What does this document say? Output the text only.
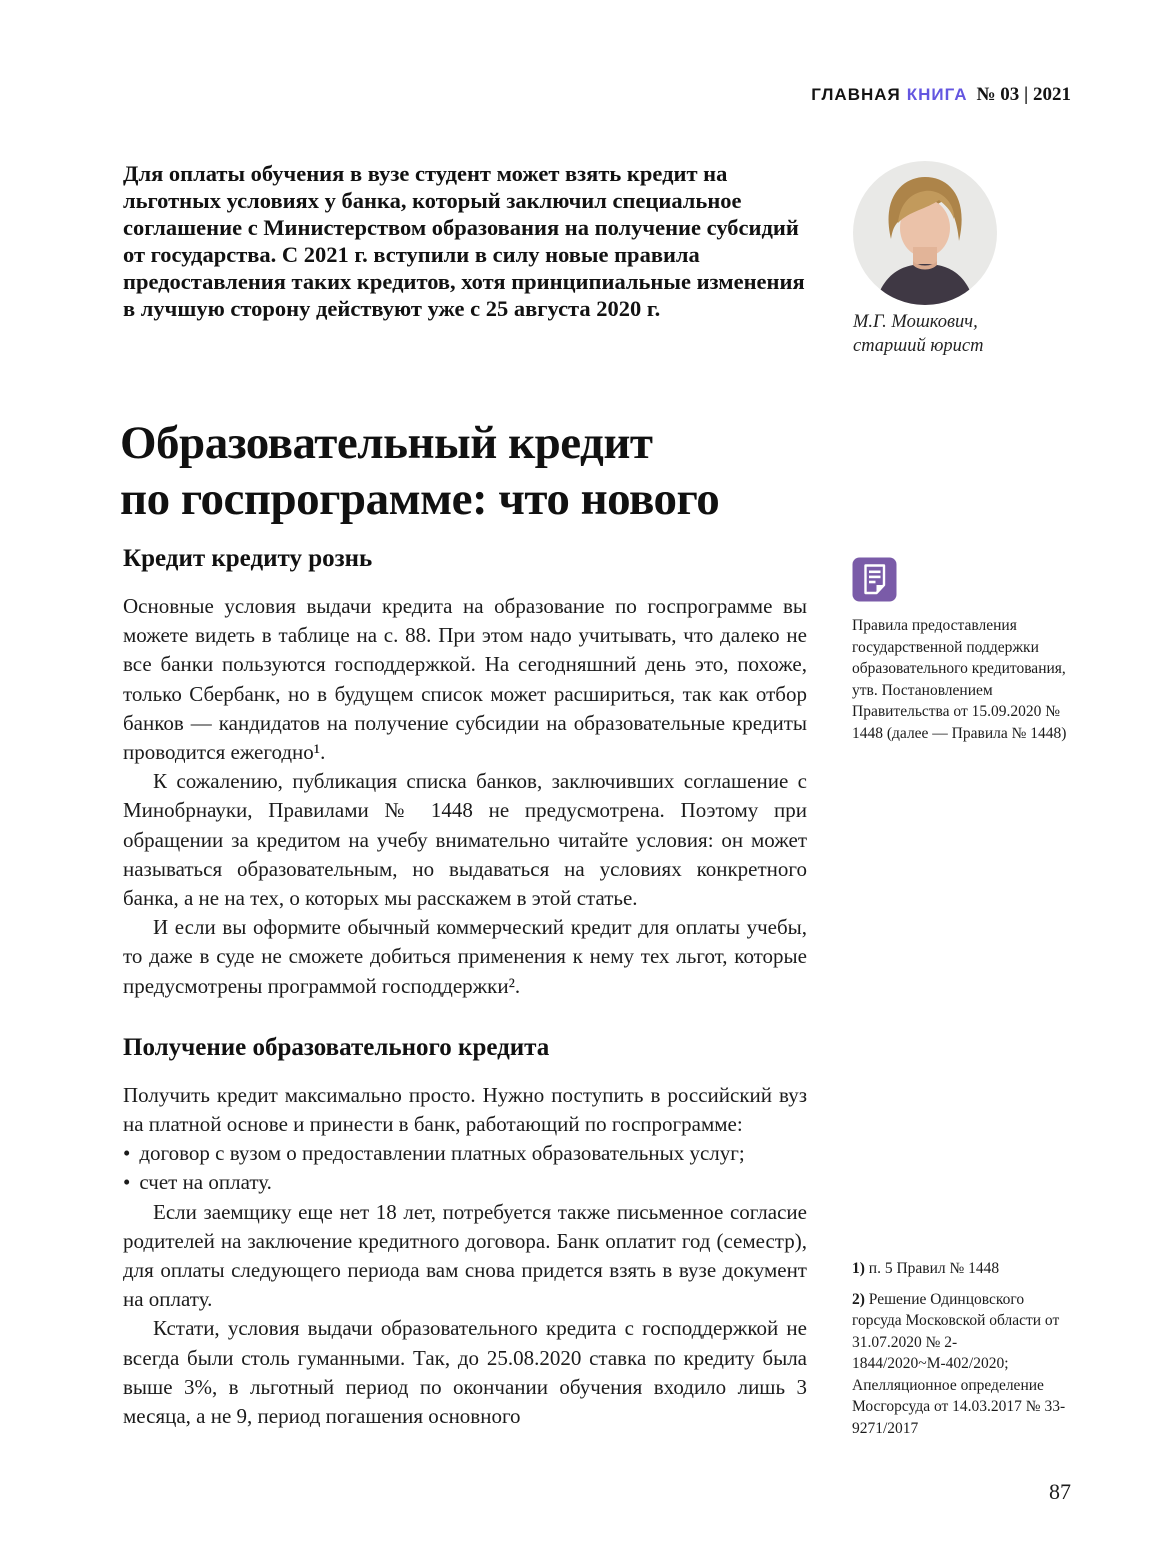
ГЛАВНАЯ КНИГА № 03 | 2021
Для оплаты обучения в вузе студент может взять кредит на льготных условиях у банка, который заключил специальное соглашение с Министерством образования на получение субсидий от государства. С 2021 г. вступили в силу новые правила предоставления таких кредитов, хотя принципиальные изменения в лучшую сторону действуют уже с 25 августа 2020 г.
М.Г. Мошкович,
старший юрист
Образовательный кредит
по госпрограмме: что нового
Кредит кредиту рознь

Основные условия выдачи кредита на образование по госпрограмме вы можете видеть в таблице на с. 88. При этом надо учитывать, что далеко не все банки пользуются господдержкой. На сегодняшний день это, похоже, только Сбербанк, но в будущем список может расшириться, так как отбор банков — кандидатов на получение субсидии на образовательные кредиты проводится ежегодно¹.

К сожалению, публикация списка банков, заключивших соглашение с Минобрнауки, Правилами № 1448 не предусмотрена. Поэтому при обращении за кредитом на учебу внимательно читайте условия: он может называться образовательным, но выдаваться на условиях конкретного банка, а не на тех, о которых мы расскажем в этой статье.

И если вы оформите обычный коммерческий кредит для оплаты учебы, то даже в суде не сможете добиться применения к нему тех льгот, которые предусмотрены программой господдержки².

Получение образовательного кредита

Получить кредит максимально просто. Нужно поступить в российский вуз на платной основе и принести в банк, работающий по госпрограмме:

• договор с вузом о предоставлении платных образовательных услуг;
• счет на оплату.

Если заемщику еще нет 18 лет, потребуется также письменное согласие родителей на заключение кредитного договора. Банк оплатит год (семестр), для оплаты следующего периода вам снова придется взять в вузе документ на оплату.

Кстати, условия выдачи образовательного кредита с господдержкой не всегда были столь гуманными. Так, до 25.08.2020 ставка по кредиту была выше 3%, в льготный период по окончании обучения входило лишь 3 месяца, а не 9, период погашения основного

Правила предоставления государственной поддержки образовательного кредитования, утв. Постановлением Правительства от 15.09.2020 № 1448 (далее — Правила № 1448)
1) п. 5 Правил № 1448
2) Решение Одинцовского горсуда Московской области от 31.07.2020 № 2-1844/2020~М-402/2020; Апелляционное определение Мосгорсуда от 14.03.2017 № 33-9271/2017
87
